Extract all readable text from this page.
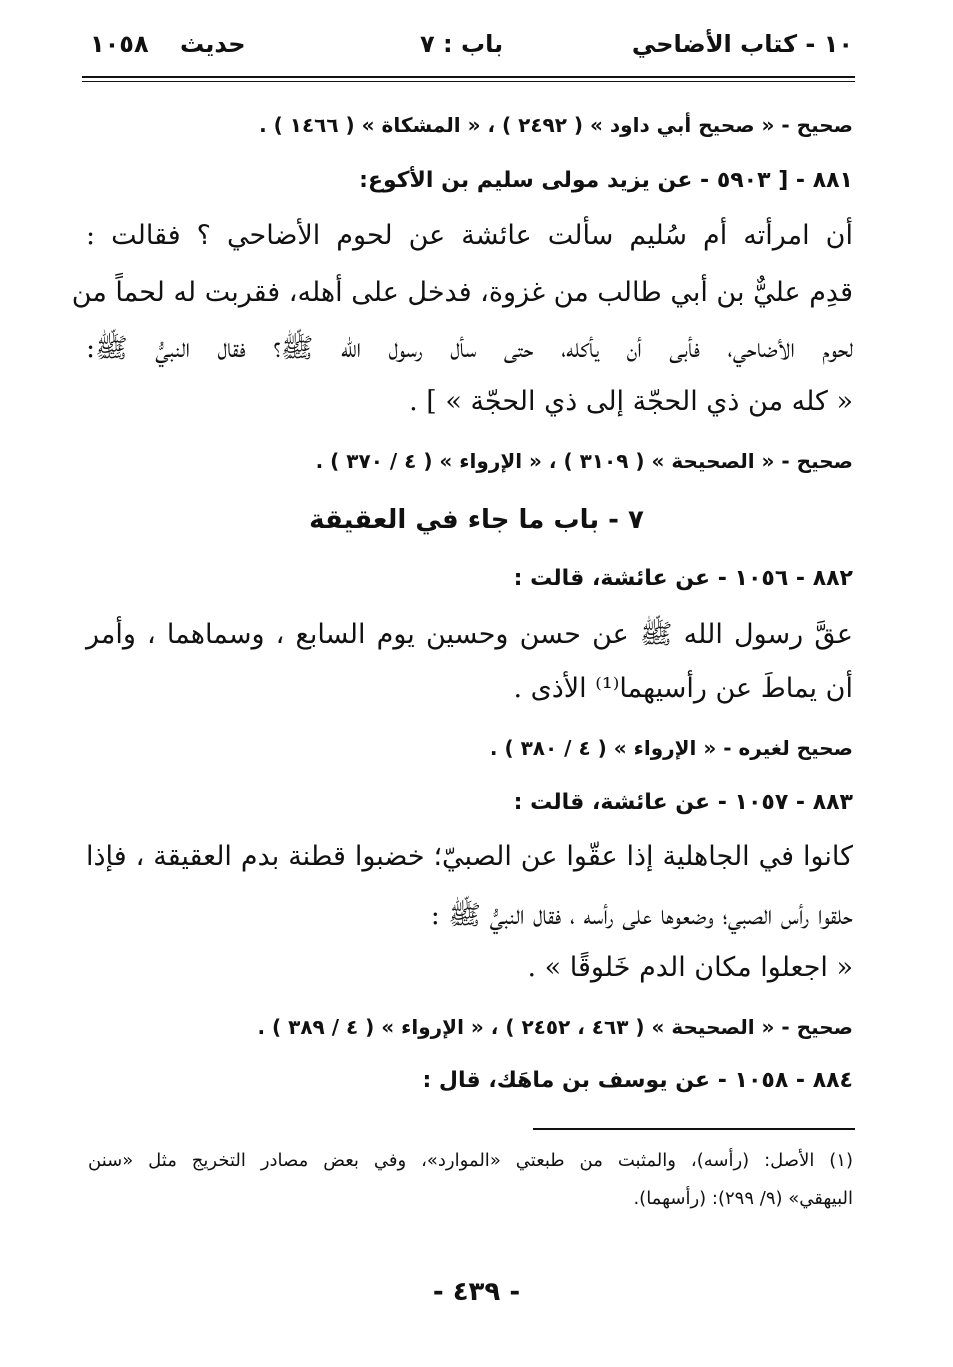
١٠ - كتاب الأضاحي
باب : ٧
حديث
١٠٥٨
صحيح - « صحيح أبي داود » ( ٢٤٩٢ ) ، « المشكاة » ( ١٤٦٦ ) .
٨٨١ - [ ٥٩٠٣ - عن يزيد مولى سليم بن الأكوع:
أن امرأته أم سُليم سألت عائشة عن لحوم الأضاحي ؟ فقالت :
قدِم عليٌّ بن أبي طالب من غزوة، فدخل على أهله، فقربت له لحماً من
لحوم الأضاحي، فأبى أن يأكله، حتى سأل رسول الله ﷺ؟ فقال النبيُّ ﷺ:
« كله من ذي الحجّة إلى ذي الحجّة » ] .
صحيح - « الصحيحة » ( ٣١٠٩ ) ، « الإرواء » ( ٤ / ٣٧٠ ) .
٧ - باب ما جاء في العقيقة
٨٨٢ - ١٠٥٦ - عن عائشة، قالت :
عقَّ رسول الله ﷺ عن حسن وحسين يوم السابع ، وسماهما ، وأمر
أن يماطَ عن رأسيهما⁽¹⁾ الأذى .
صحيح لغيره - « الإرواء » ( ٤ / ٣٨٠ ) .
٨٨٣ - ١٠٥٧ - عن عائشة، قالت :
كانوا في الجاهلية إذا عقّوا عن الصبيّ؛ خضبوا قطنة بدم العقيقة ، فإذا
حلقوا رأس الصبي؛ وضعوها على رأسه ، فقال النبيُّ ﷺ :
« اجعلوا مكان الدم خَلوقًا » .
صحيح - « الصحيحة » ( ٤٦٣ ، ٢٤٥٢ ) ، « الإرواء » ( ٤ / ٣٨٩ ) .
٨٨٤ - ١٠٥٨ - عن يوسف بن ماهَك، قال :
(١) الأصل: (رأسه)، والمثبت من طبعتي «الموارد»، وفي بعض مصادر التخريج مثل «سنن
البيهقي» (٩/ ٢٩٩): (رأسهما).
- ٤٣٩ -
